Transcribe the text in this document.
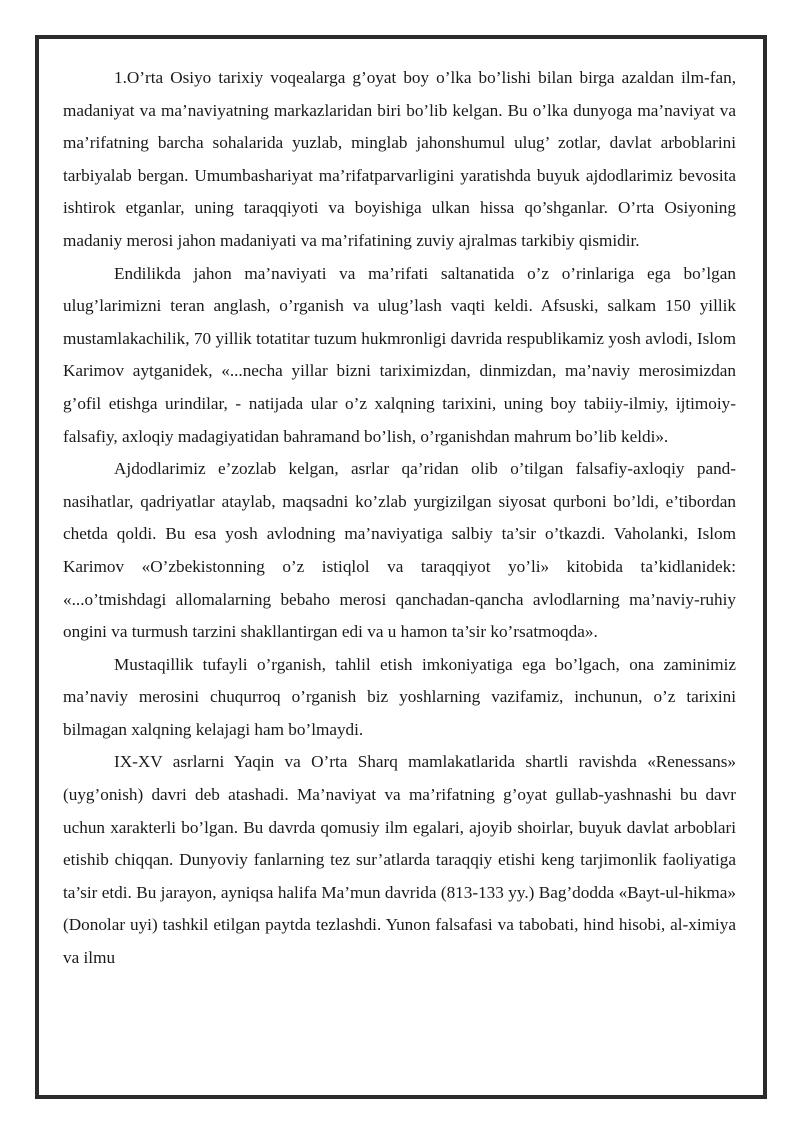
1.O’rta Osiyo tarixiy voqealarga g’oyat boy o’lka bo’lishi bilan birga azaldan ilm-fan, madaniyat va ma’naviyatning markazlaridan biri bo’lib kelgan. Bu o’lka dunyoga ma’naviyat va ma’rifatning barcha sohalarida yuzlab, minglab jahonshumul ulug’ zotlar, davlat arboblarini tarbiyalab bergan. Umumbashariyat ma’rifatparvarligini yaratishda buyuk ajdodlarimiz bevosita ishtirok etganlar, uning taraqqiyoti va boyishiga ulkan hissa qo’shganlar. O’rta Osiyoning madaniy merosi jahon madaniyati va ma’rifatining zuviy ajralmas tarkibiy qismidir.

Endilikda jahon ma’naviyati va ma’rifati saltanatida o’z o’rinlariga ega bo’lgan ulug’larimizni teran anglash, o’rganish va ulug’lash vaqti keldi. Afsuski, salkam 150 yillik mustamlakachilik, 70 yillik totatitar tuzum hukmronligi davrida respublikamiz yosh avlodi, Islom Karimov aytganidek, «...necha yillar bizni tariximizdan, dinmizdan, ma’naviy merosimizdan g’ofil etishga urindilar, - natijada ular o’z xalqning tarixini, uning boy tabiiy-ilmiy, ijtimoiy-falsafiy, axloqiy madagiyatidan bahramand bo’lish, o’rganishdan mahrum bo’lib keldi».

Ajdodlarimiz e’zozlab kelgan, asrlar qa’ridan olib o’tilgan falsafiy-axloqiy pand-nasihatlar, qadriyatlar ataylab, maqsadni ko’zlab yurgizilgan siyosat qurboni bo’ldi, e’tibordan chetda qoldi. Bu esa yosh avlodning ma’naviyatiga salbiy ta’sir o’tkazdi. Vaholanki, Islom Karimov «O’zbekistonning o’z istiqlol va taraqqiyot yo’li» kitobida ta’kidlanidek: «...o’tmishdagi allomalarning bebaho merosi qanchadan-qancha avlodlarning ma’naviy-ruhiy ongini va turmush tarzini shakllantirgan edi va u hamon ta’sir ko’rsatmoqda».

Mustaqillik tufayli o’rganish, tahlil etish imkoniyatiga ega bo’lgach, ona zaminimiz ma’naviy merosini chuqurroq o’rganish biz yoshlarning vazifamiz, inchunun, o’z tarixini bilmagan xalqning kelajagi ham bo’lmaydi.

IX-XV asrlarni Yaqin va O’rta Sharq mamlakatlarida shartli ravishda «Renessans» (uyg’onish) davri deb atashadi. Ma’naviyat va ma’rifatning g’oyat gullab-yashnashi bu davr uchun xarakterli bo’lgan. Bu davrda qomusiy ilm egalari, ajoyib shoirlar, buyuk davlat arboblari etishib chiqqan. Dunyoviy fanlarning tez sur’atlarda taraqqiy etishi keng tarjimonlik faoliyatiga ta’sir etdi. Bu jarayon, ayniqsa halifa Ma’mun davrida (813-133 yy.) Bag’dodda «Bayt-ul-hikma» (Donolar uyi) tashkil etilgan paytda tezlashdi. Yunon falsafasi va tabobati, hind hisobi, al-ximiya va ilmu
